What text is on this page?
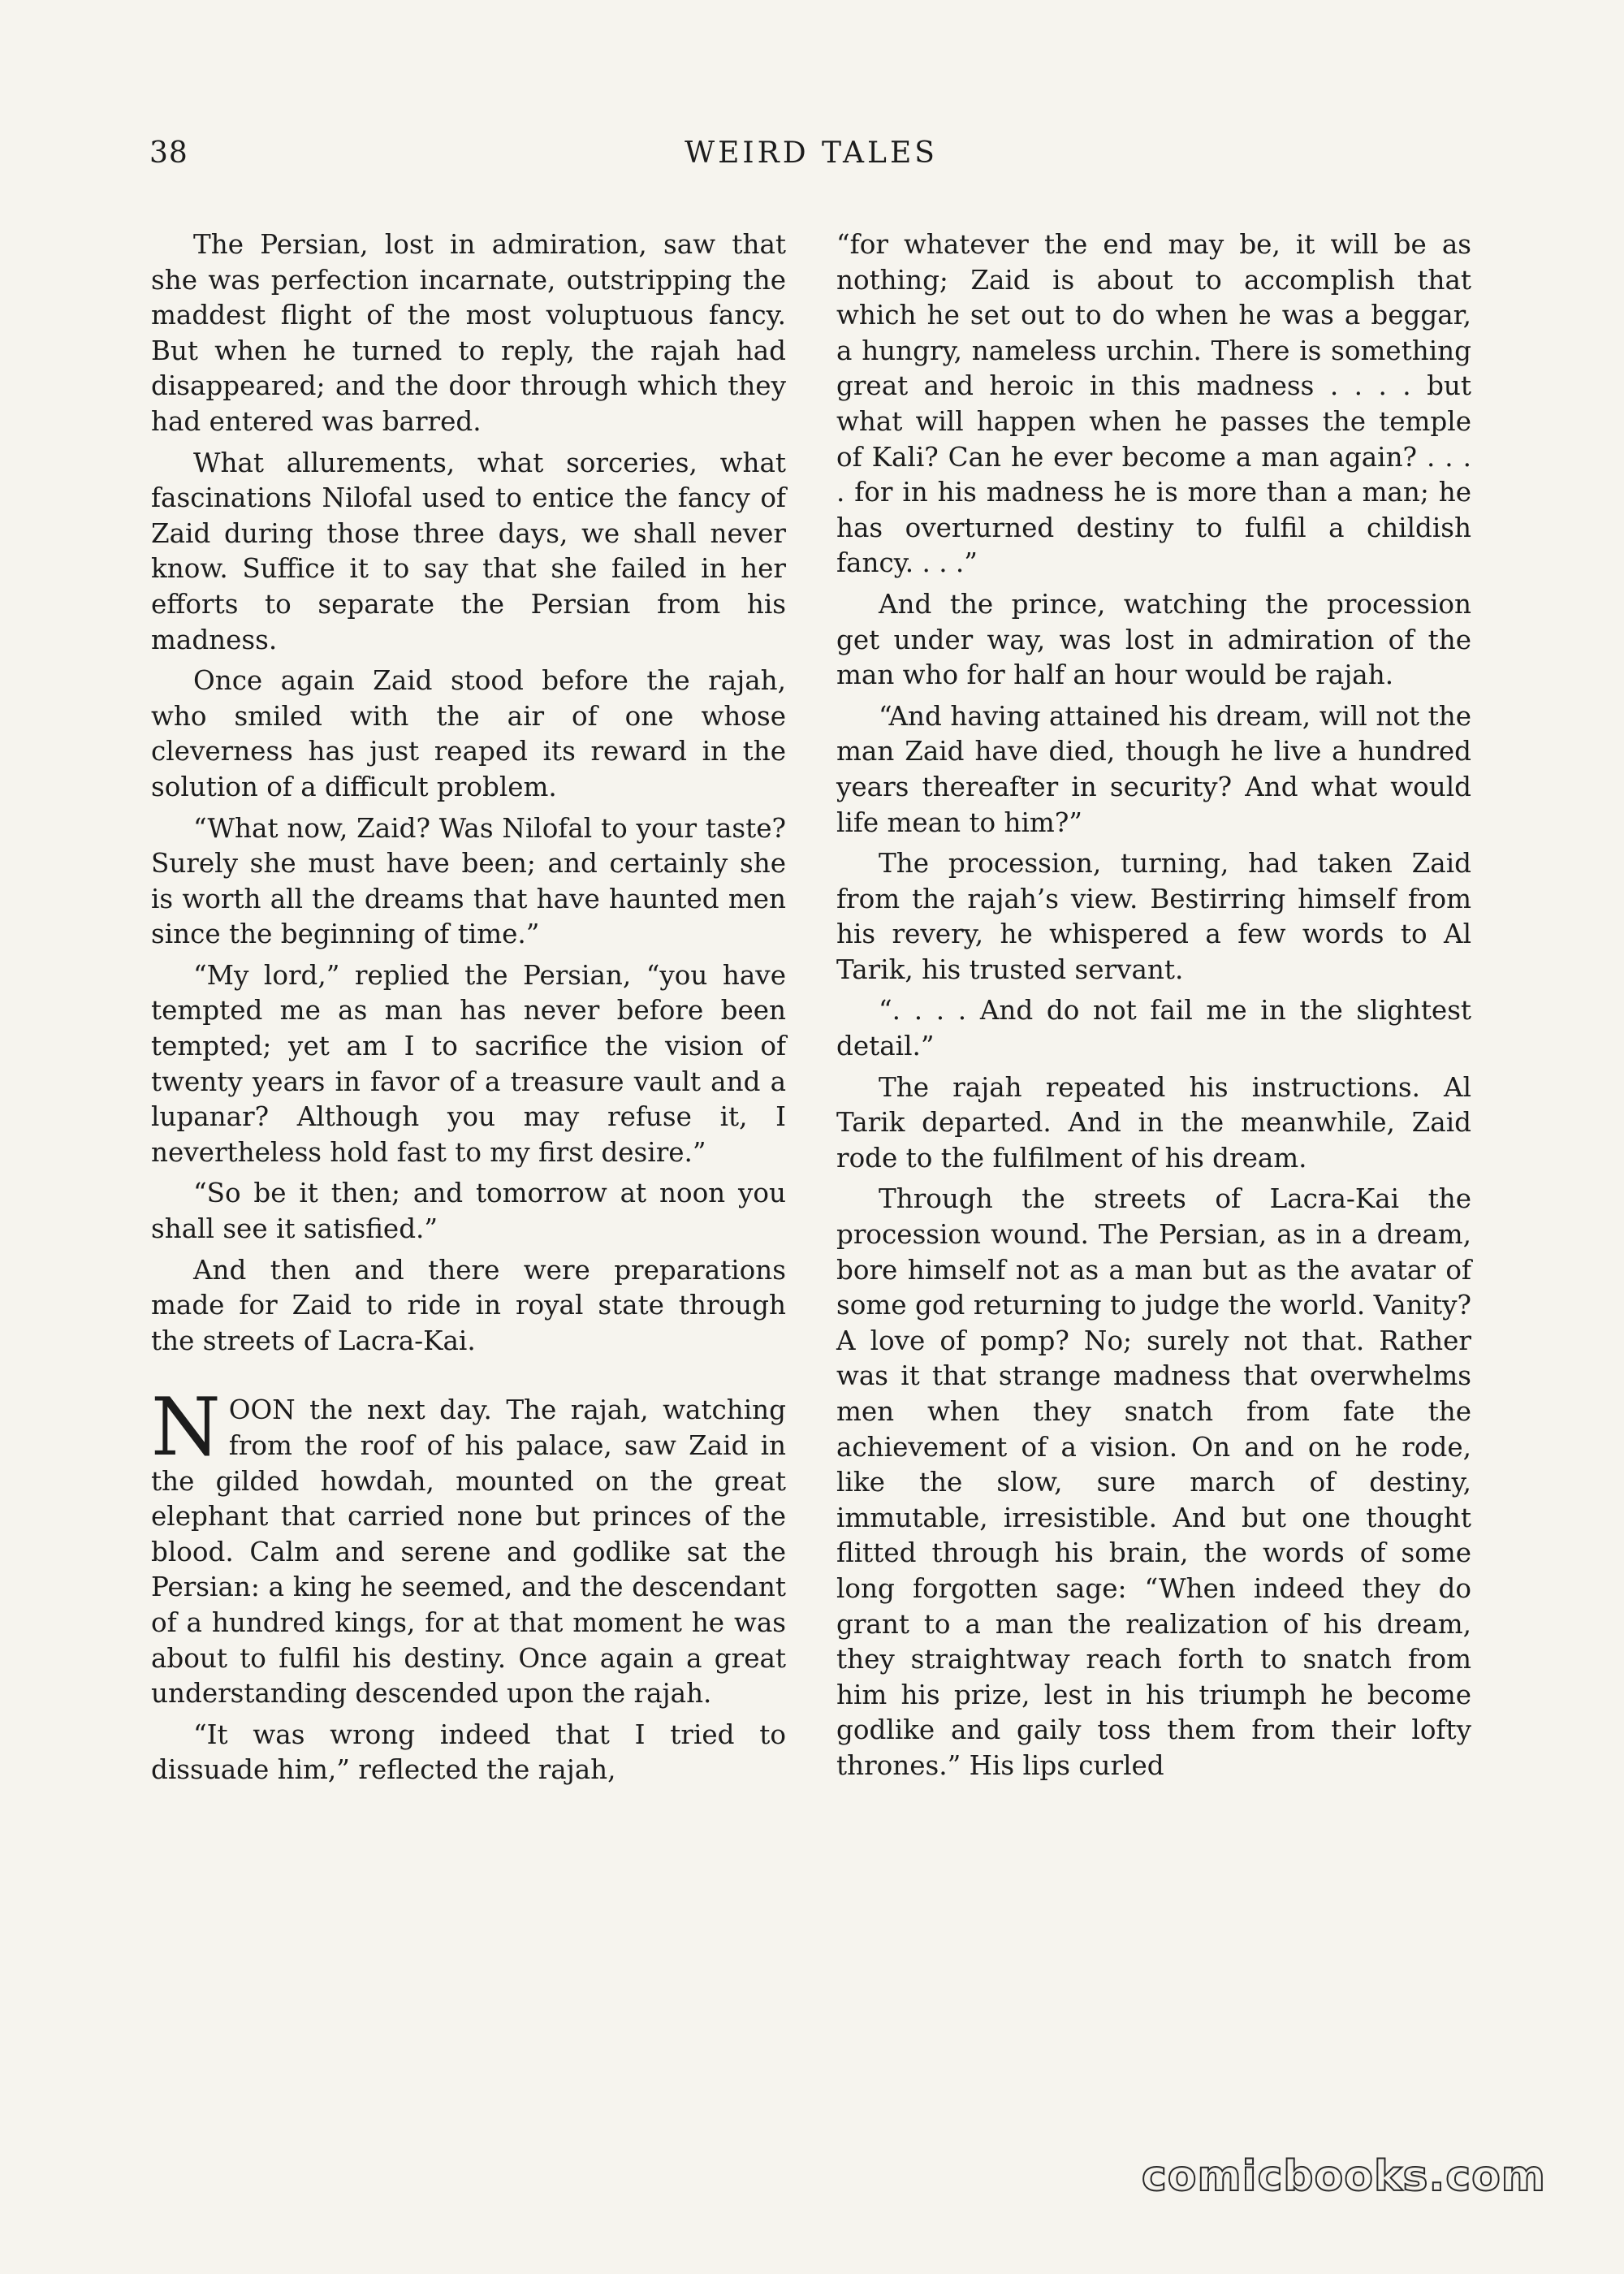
38	WEIRD TALES

The Persian, lost in admiration, saw that she was perfection incarnate, outstripping the maddest flight of the most voluptuous fancy. But when he turned to reply, the rajah had disappeared; and the door through which they had entered was barred.

What allurements, what sorceries, what fascinations Nilofal used to entice the fancy of Zaid during those three days, we shall never know. Suffice it to say that she failed in her efforts to separate the Persian from his madness.

Once again Zaid stood before the rajah, who smiled with the air of one whose cleverness has just reaped its reward in the solution of a difficult problem.

“What now, Zaid? Was Nilofal to your taste? Surely she must have been; and certainly she is worth all the dreams that have haunted men since the beginning of time.”

“My lord,” replied the Persian, “you have tempted me as man has never before been tempted; yet am I to sacrifice the vision of twenty years in favor of a treasure vault and a lupanar? Although you may refuse it, I nevertheless hold fast to my first desire.”

“So be it then; and tomorrow at noon you shall see it satisfied.”

And then and there were preparations made for Zaid to ride in royal state through the streets of Lacra-Kai.

NOON the next day. The rajah, watching from the roof of his palace, saw Zaid in the gilded howdah, mounted on the great elephant that carried none but princes of the blood. Calm and serene and godlike sat the Persian: a king he seemed, and the descendant of a hundred kings, for at that moment he was about to fulfil his destiny. Once again a great understanding descended upon the rajah.

“It was wrong indeed that I tried to dissuade him,” reflected the rajah,

“for whatever the end may be, it will be as nothing; Zaid is about to accomplish that which he set out to do when he was a beggar, a hungry, nameless urchin. There is something great and heroic in this madness . . . . but what will happen when he passes the temple of Kali? Can he ever become a man again? . . . . for in his madness he is more than a man; he has overturned destiny to fulfil a childish fancy. . . .”

And the prince, watching the procession get under way, was lost in admiration of the man who for half an hour would be rajah.

“And having attained his dream, will not the man Zaid have died, though he live a hundred years thereafter in security? And what would life mean to him?”

The procession, turning, had taken Zaid from the rajah’s view. Bestirring himself from his revery, he whispered a few words to Al Tarik, his trusted servant.

“. . . . And do not fail me in the slightest detail.”

The rajah repeated his instructions. Al Tarik departed. And in the meanwhile, Zaid rode to the fulfilment of his dream.

Through the streets of Lacra-Kai the procession wound. The Persian, as in a dream, bore himself not as a man but as the avatar of some god returning to judge the world. Vanity? A love of pomp? No; surely not that. Rather was it that strange madness that overwhelms men when they snatch from fate the achievement of a vision. On and on he rode, like the slow, sure march of destiny, immutable, irresistible. And but one thought flitted through his brain, the words of some long forgotten sage: “When indeed they do grant to a man the realization of his dream, they straightway reach forth to snatch from him his prize, lest in his triumph he become godlike and gaily toss them from their lofty thrones.” His lips curled

comicbooks.com
